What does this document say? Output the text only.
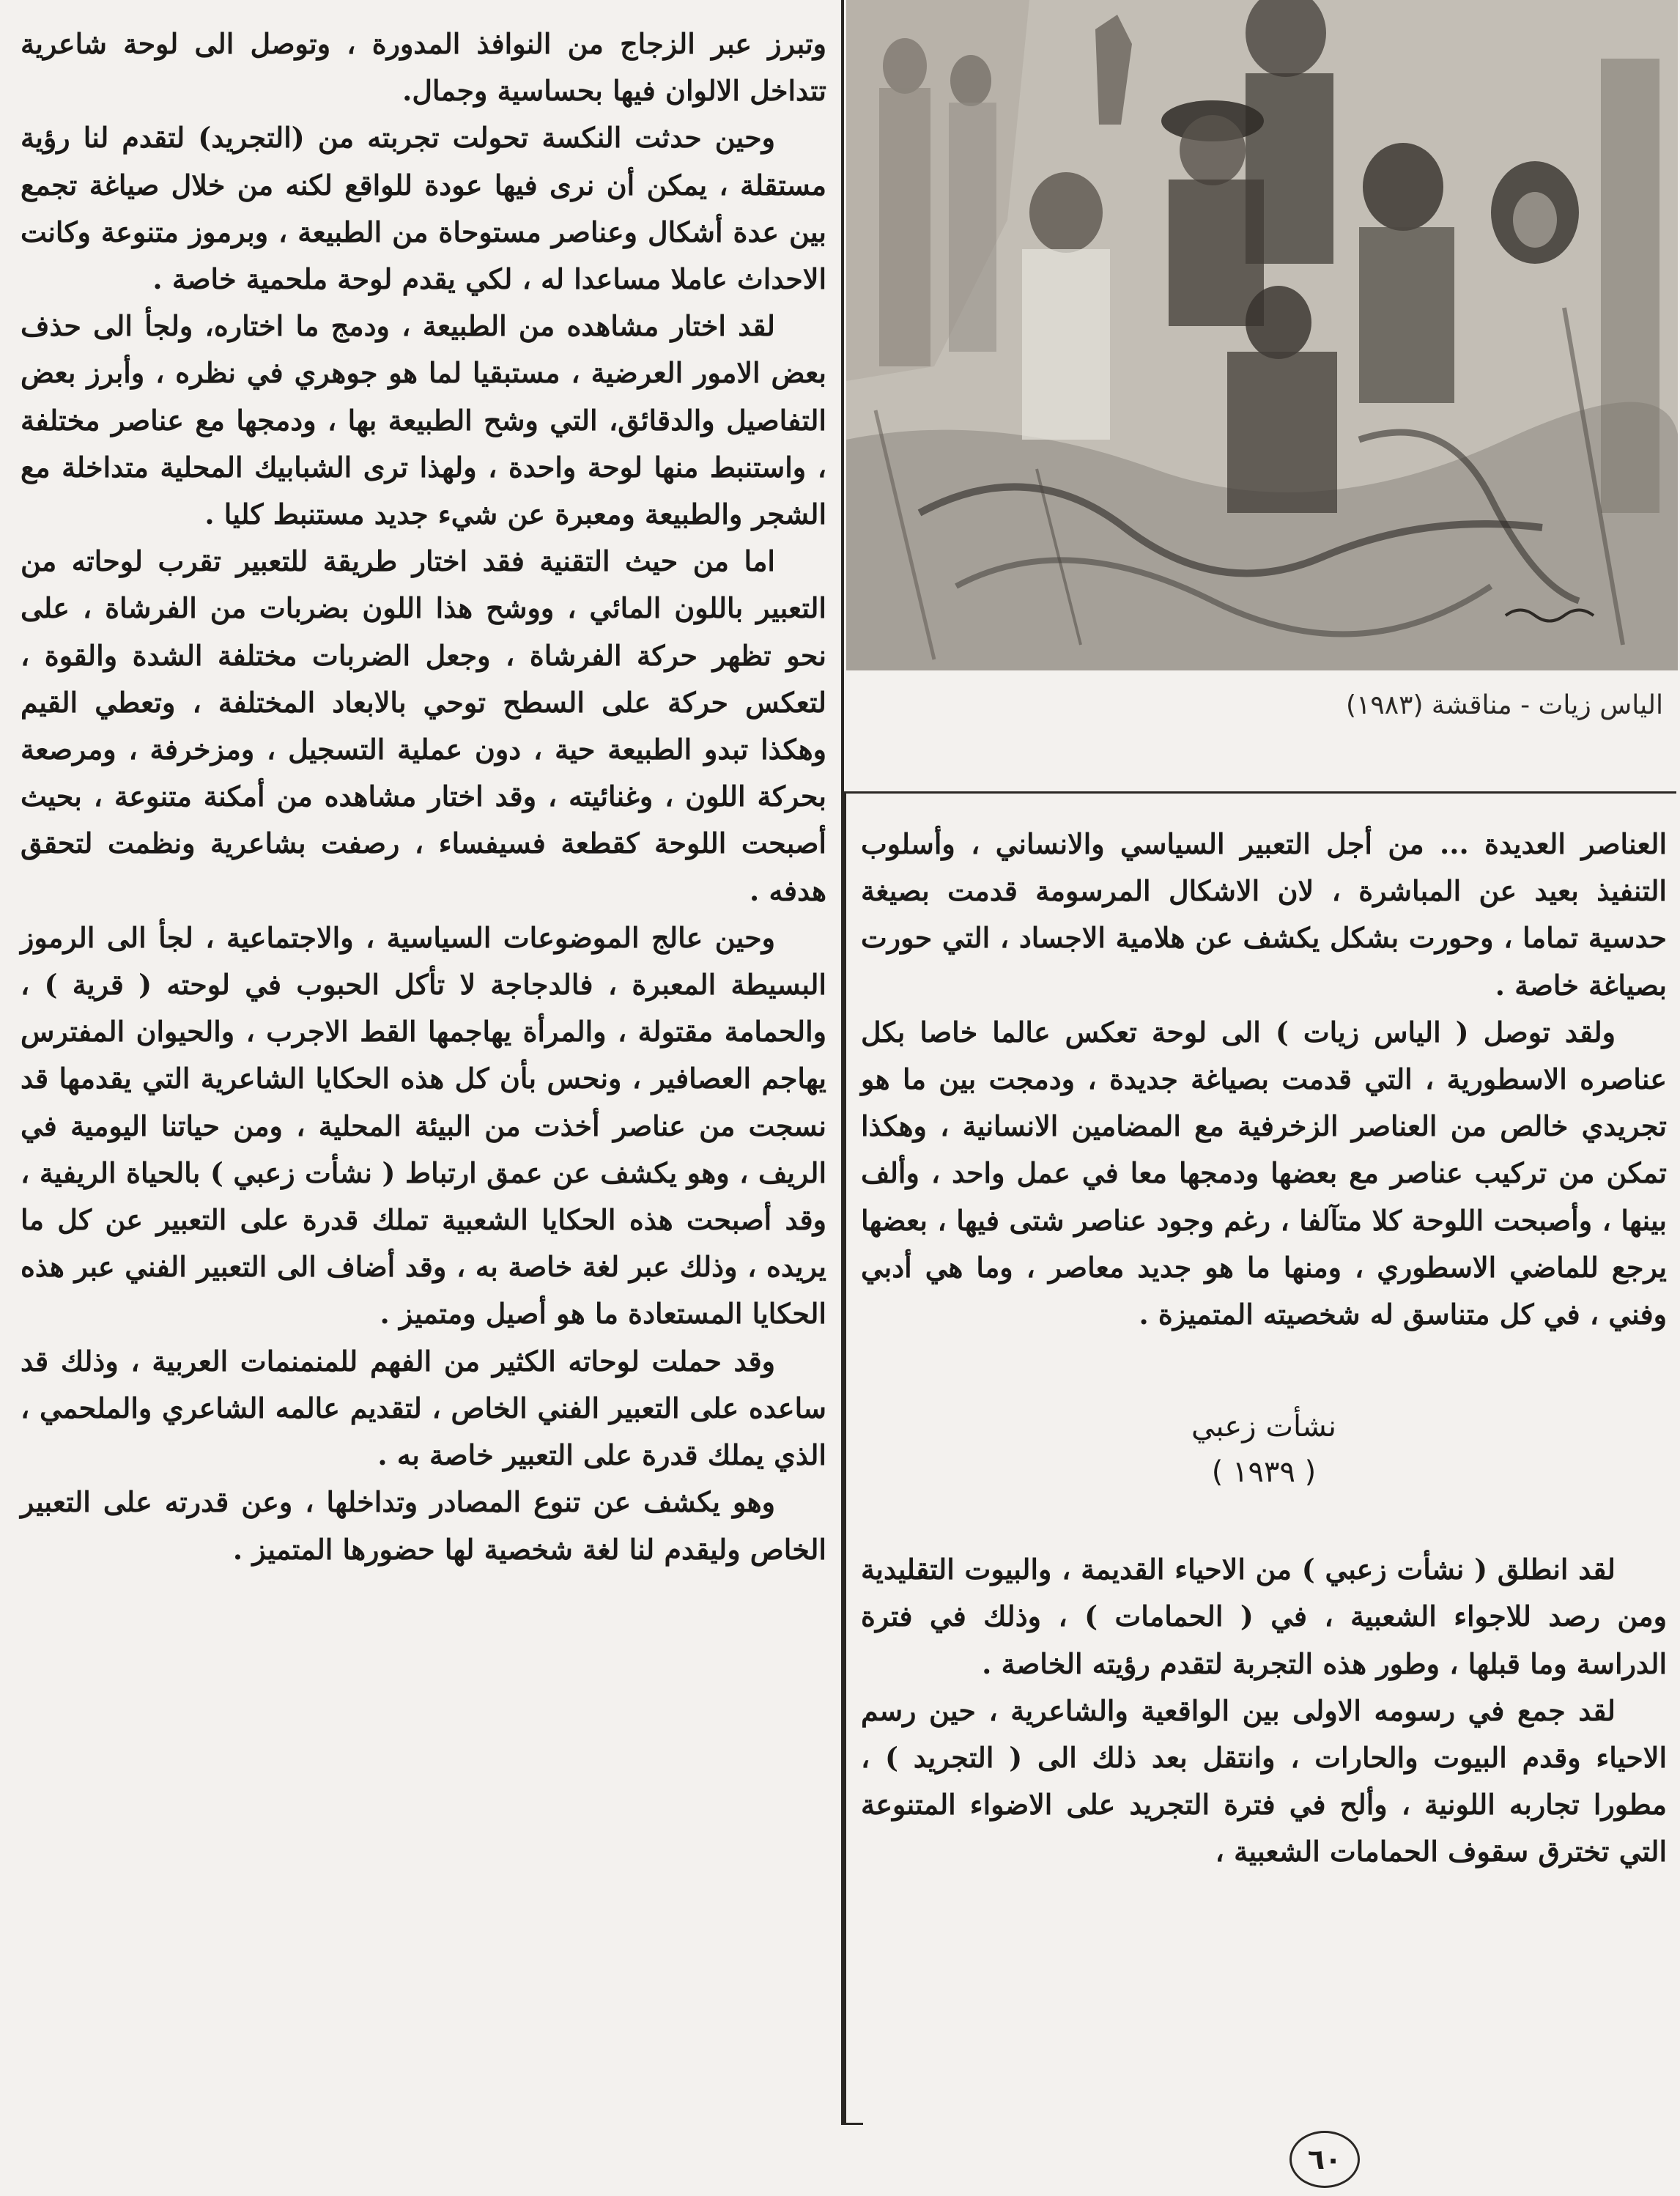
وتبرز عبر الزجاج من النوافذ المدورة ، وتوصل الى لوحة شاعرية تتداخل الالوان فيها بحساسية وجمال.

وحين حدثت النكسة تحولت تجربته من (التجريد) لتقدم لنا رؤية مستقلة ، يمكن أن نرى فيها عودة للواقع لكنه من خلال صياغة تجمع بين عدة أشكال وعناصر مستوحاة من الطبيعة ، وبرموز متنوعة وكانت الاحداث عاملا مساعدا له ، لكي يقدم لوحة ملحمية خاصة .

لقد اختار مشاهده من الطبيعة ، ودمج ما اختاره، ولجأ الى حذف بعض الامور العرضية ، مستبقيا لما هو جوهري في نظره ، وأبرز بعض التفاصيل والدقائق، التي وشح الطبيعة بها ، ودمجها مع عناصر مختلفة ، واستنبط منها لوحة واحدة ، ولهذا ترى الشبابيك المحلية متداخلة مع الشجر والطبيعة ومعبرة عن شيء جديد مستنبط كليا .

اما من حيث التقنية فقد اختار طريقة للتعبير تقرب لوحاته من التعبير باللون المائي ، ووشح هذا اللون بضربات من الفرشاة ، على نحو تظهر حركة الفرشاة ، وجعل الضربات مختلفة الشدة والقوة ، لتعكس حركة على السطح توحي بالابعاد المختلفة ، وتعطي القيم وهكذا تبدو الطبيعة حية ، دون عملية التسجيل ، ومزخرفة ، ومرصعة بحركة اللون ، وغنائيته ، وقد اختار مشاهده من أمكنة متنوعة ، بحيث أصبحت اللوحة كقطعة فسيفساء ، رصفت بشاعرية ونظمت لتحقق هدفه .

وحين عالج الموضوعات السياسية ، والاجتماعية ، لجأ الى الرموز البسيطة المعبرة ، فالدجاجة لا تأكل الحبوب في لوحته ( قرية ) ، والحمامة مقتولة ، والمرأة يهاجمها القط الاجرب ، والحيوان المفترس يهاجم العصافير ، ونحس بأن كل هذه الحكايا الشاعرية التي يقدمها قد نسجت من عناصر أخذت من البيئة المحلية ، ومن حياتنا اليومية في الريف ، وهو يكشف عن عمق ارتباط ( نشأت زعبي ) بالحياة الريفية ، وقد أصبحت هذه الحكايا الشعبية تملك قدرة على التعبير عن كل ما يريده ، وذلك عبر لغة خاصة به ، وقد أضاف الى التعبير الفني عبر هذه الحكايا المستعادة ما هو أصيل ومتميز .

وقد حملت لوحاته الكثير من الفهم للمنمنمات العربية ، وذلك قد ساعده على التعبير الفني الخاص ، لتقديم عالمه الشاعري والملحمي ، الذي يملك قدرة على التعبير خاصة به .

وهو يكشف عن تنوع المصادر وتداخلها ، وعن قدرته على التعبير الخاص وليقدم لنا لغة شخصية لها حضورها المتميز .

الياس زيات - مناقشة (١٩٨٣)

العناصر العديدة ... من أجل التعبير السياسي والانساني ، وأسلوب التنفيذ بعيد عن المباشرة ، لان الاشكال المرسومة قدمت بصيغة حدسية تماما ، وحورت بشكل يكشف عن هلامية الاجساد ، التي حورت بصياغة خاصة .

ولقد توصل ( الياس زيات ) الى لوحة تعكس عالما خاصا بكل عناصره الاسطورية ، التي قدمت بصياغة جديدة ، ودمجت بين ما هو تجريدي خالص من العناصر الزخرفية مع المضامين الانسانية ، وهكذا تمكن من تركيب عناصر مع بعضها ودمجها معا في عمل واحد ، وألف بينها ، وأصبحت اللوحة كلا متآلفا ، رغم وجود عناصر شتى فيها ، بعضها يرجع للماضي الاسطوري ، ومنها ما هو جديد معاصر ، وما هي أدبي وفني ، في كل متناسق له شخصيته المتميزة .

نشأت زعبي
( ١٩٣٩ )

لقد انطلق ( نشأت زعبي ) من الاحياء القديمة ، والبيوت التقليدية ومن رصد للاجواء الشعبية ، في ( الحمامات ) ، وذلك في فترة الدراسة وما قبلها ، وطور هذه التجربة لتقدم رؤيته الخاصة .

لقد جمع في رسومه الاولى بين الواقعية والشاعرية ، حين رسم الاحياء وقدم البيوت والحارات ، وانتقل بعد ذلك الى ( التجريد ) ، مطورا تجاربه اللونية ، وألح في فترة التجريد على الاضواء المتنوعة التي تخترق سقوف الحمامات الشعبية ،

٦٠
